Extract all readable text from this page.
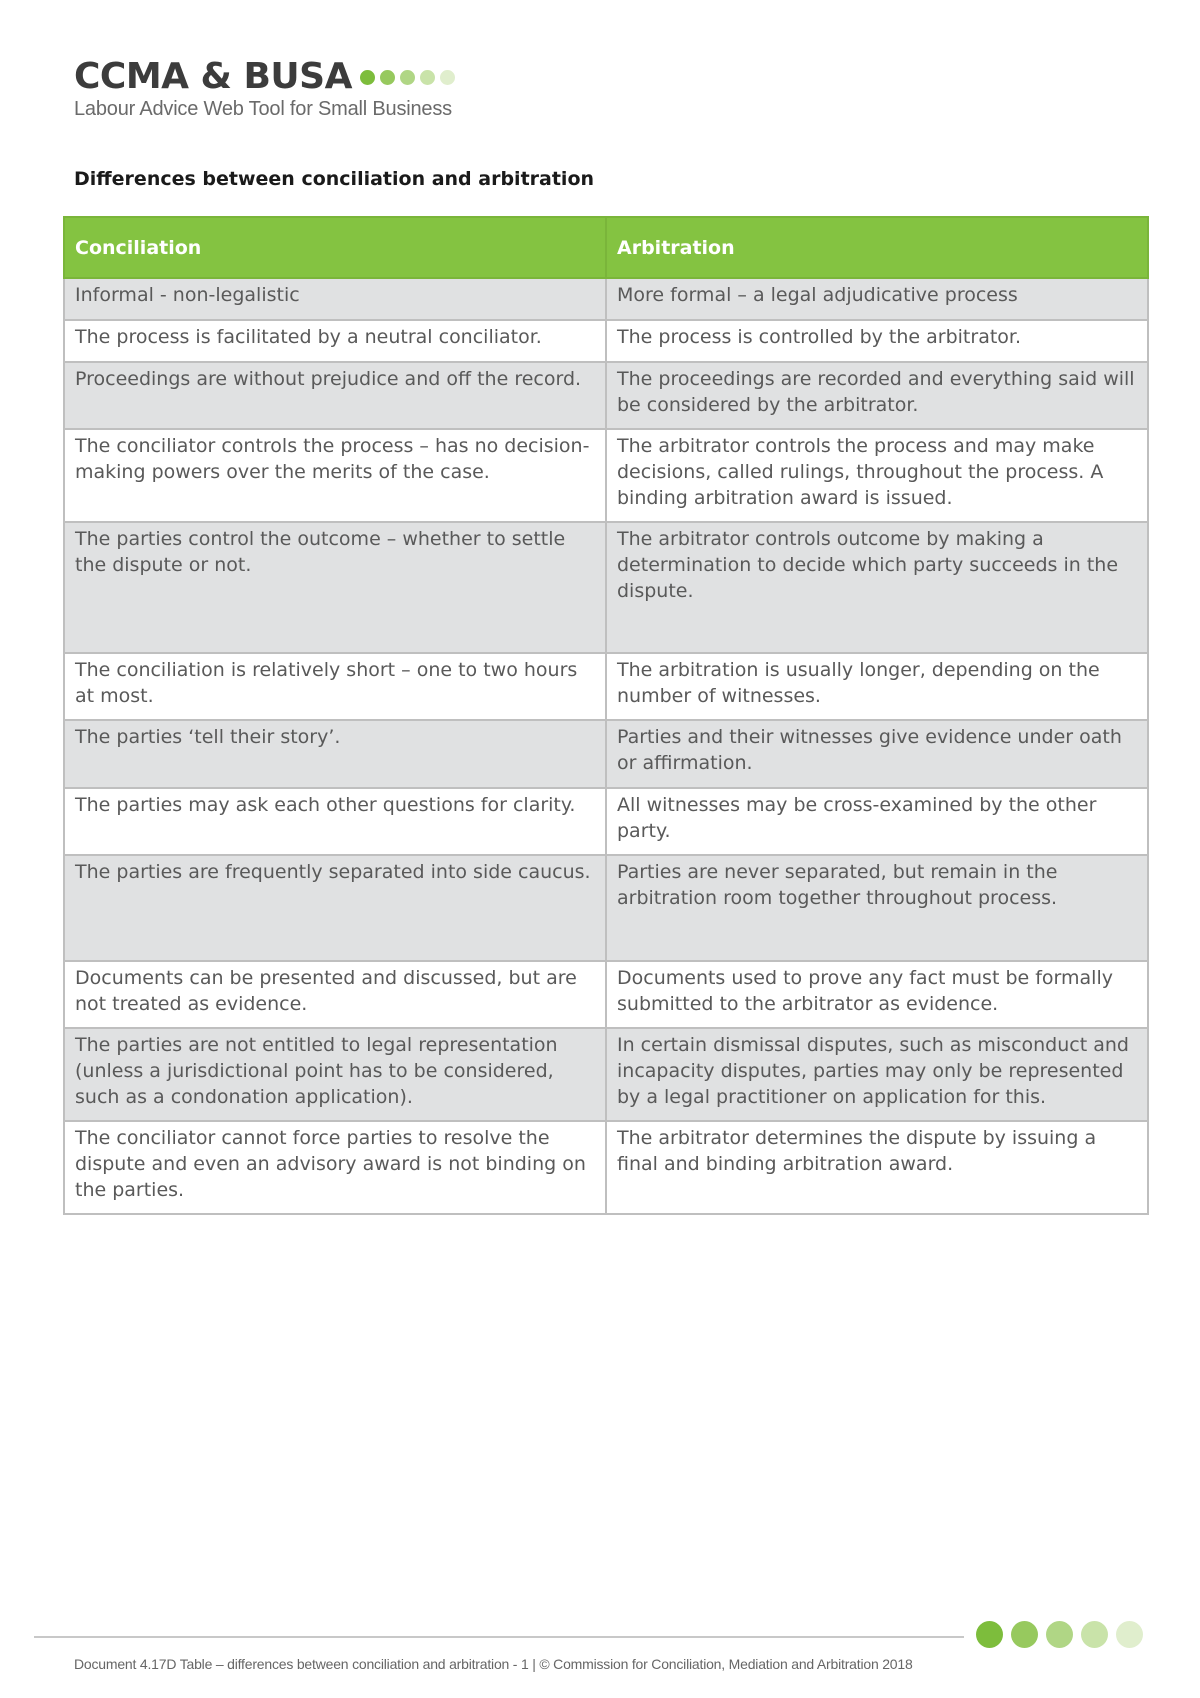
CCMA & BUSA
Labour Advice Web Tool for Small Business
Differences between conciliation and arbitration
Conciliation	Arbitration
Informal - non-legalistic	More formal – a legal adjudicative process
The process is facilitated by a neutral conciliator.	The process is controlled by the arbitrator.
Proceedings are without prejudice and off the record.	The proceedings are recorded and everything said will be considered by the arbitrator.
The conciliator controls the process – has no decision-making powers over the merits of the case.	The arbitrator controls the process and may make decisions, called rulings, throughout the process. A binding arbitration award is issued.
The parties control the outcome – whether to settle the dispute or not.	The arbitrator controls outcome by making a determination to decide which party succeeds in the dispute.
The conciliation is relatively short – one to two hours at most.	The arbitration is usually longer, depending on the number of witnesses.
The parties ‘tell their story’.	Parties and their witnesses give evidence under oath or affirmation.
The parties may ask each other questions for clarity.	All witnesses may be cross-examined by the other party.
The parties are frequently separated into side caucus.	Parties are never separated, but remain in the arbitration room together throughout process.
Documents can be presented and discussed, but are not treated as evidence.	Documents used to prove any fact must be formally submitted to the arbitrator as evidence.
The parties are not entitled to legal representation (unless a jurisdictional point has to be considered, such as a condonation application).	In certain dismissal disputes, such as misconduct and incapacity disputes, parties may only be represented by a legal practitioner on application for this.
The conciliator cannot force parties to resolve the dispute and even an advisory award is not binding on the parties.	The arbitrator determines the dispute by issuing a final and binding arbitration award.
Document 4.17D Table – differences between conciliation and arbitration - 1 | © Commission for Conciliation, Mediation and Arbitration 2018
